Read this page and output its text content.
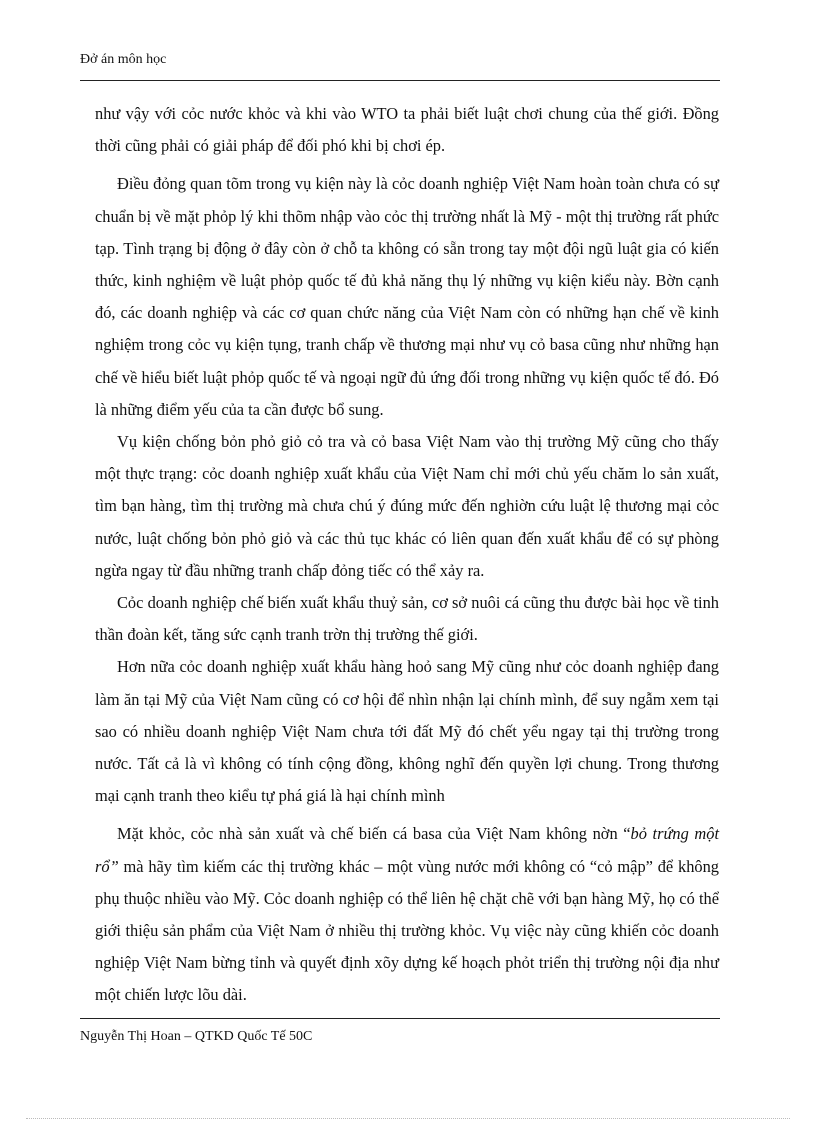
Đở án môn học

như vậy với cỏc nước khỏc và khi vào WTO ta phải biết luật chơi chung của thế giới. Đồng thời cũng phải có giải pháp để đối phó khi bị chơi ép.

Điều đỏng quan tõm trong vụ kiện này là cỏc doanh nghiệp Việt Nam hoàn toàn chưa có sự chuẩn bị về mặt phỏp lý khi thõm nhập vào cỏc thị trường nhất là Mỹ - một thị trường rất phức tạp. Tình trạng bị động ở đây còn ở chỗ ta không có sẵn trong tay một đội ngũ luật gia có kiến thức, kinh nghiệm về luật phỏp quốc tế đủ khả năng thụ lý những vụ kiện kiểu này. Bờn cạnh đó, các doanh nghiệp và các cơ quan chức năng của Việt Nam còn có những hạn chế về kinh nghiệm trong cỏc vụ kiện tụng, tranh chấp về thương mại như vụ cỏ basa cũng như những hạn chế về hiểu biết luật phỏp quốc tế và ngoại ngữ đủ ứng đối trong những vụ kiện quốc tế đó. Đó là những điểm yếu của ta cần được bổ sung.

Vụ kiện chống bỏn phỏ giỏ cỏ tra và cỏ basa Việt Nam vào thị trường Mỹ cũng cho thấy một thực trạng: cỏc doanh nghiệp xuất khẩu của Việt Nam chỉ mới chủ yếu chăm lo sản xuất, tìm bạn hàng, tìm thị trường mà chưa chú ý đúng mức đến nghiờn cứu luật lệ thương mại cỏc nước, luật chống bỏn phỏ giỏ và các thủ tục khác có liên quan đến xuất khẩu để có sự phòng ngừa ngay từ đầu những tranh chấp đỏng tiếc có thể xảy ra.

Cỏc doanh nghiệp chế biến xuất khẩu thuỷ sản, cơ sở nuôi cá cũng thu được bài học về tinh thần đoàn kết, tăng sức cạnh tranh trờn thị trường thế giới.

Hơn nữa cỏc doanh nghiệp xuất khẩu hàng hoỏ sang Mỹ cũng như cỏc doanh nghiệp đang làm ăn tại Mỹ của Việt Nam cũng có cơ hội để nhìn nhận lại chính mình, để suy ngẫm xem tại sao có nhiều doanh nghiệp Việt Nam chưa tới đất Mỹ đó chết yểu ngay tại thị trường trong nước. Tất cả là vì không có tính cộng đồng, không nghĩ đến quyền lợi chung. Trong thương mại cạnh tranh theo kiểu tự phá giá là hại chính mình

Mặt khỏc, cỏc nhà sản xuất và chế biến cá basa của Việt Nam không nờn “bỏ trứng một rổ” mà hãy tìm kiếm các thị trường khác – một vùng nước mới không có “cỏ mập” để không phụ thuộc nhiều vào Mỹ. Cỏc doanh nghiệp có thể liên hệ chặt chẽ với bạn hàng Mỹ, họ có thể giới thiệu sản phẩm của Việt Nam ở nhiều thị trường khỏc. Vụ việc này cũng khiến cỏc doanh nghiệp Việt Nam bừng tỉnh và quyết định xõy dựng kế hoạch phỏt triển thị trường nội địa như một chiến lược lõu dài.

Nguyễn Thị Hoan – QTKD Quốc Tế 50C
